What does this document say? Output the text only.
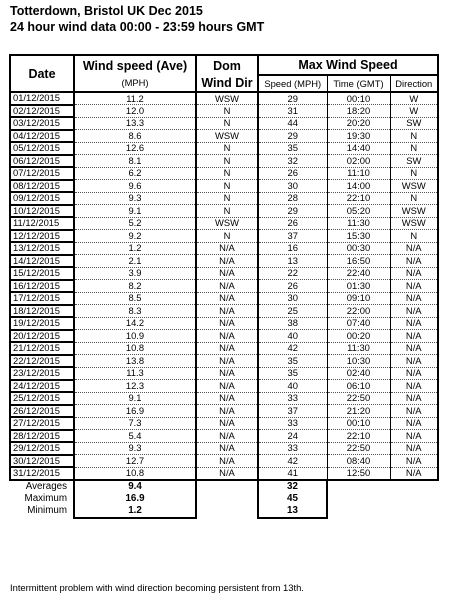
Totterdown, Bristol UK Dec 2015
24 hour wind data 00:00 - 23:59 hours GMT
Date	Wind speed (Ave)	Dom	Max Wind Speed		
	(MPH)	Wind Dir	Speed (MPH)	Time (GMT)	Direction
01/12/2015	11.2	WSW	29	00:10	W
02/12/2015	12.0	N	31	18:20	W
03/12/2015	13.3	N	44	20:20	SW
04/12/2015	8.6	WSW	29	19:30	N
05/12/2015	12.6	N	35	14:40	N
06/12/2015	8.1	N	32	02:00	SW
07/12/2015	6.2	N	26	11:10	N
08/12/2015	9.6	N	30	14:00	WSW
09/12/2015	9.3	N	28	22:10	N
10/12/2015	9.1	N	29	05:20	WSW
11/12/2015	5.2	WSW	26	11:30	WSW
12/12/2015	9.2	N	37	15:30	N
13/12/2015	1.2	N/A	16	00:30	N/A
14/12/2015	2.1	N/A	13	16:50	N/A
15/12/2015	3.9	N/A	22	22:40	N/A
16/12/2015	8.2	N/A	26	01:30	N/A
17/12/2015	8.5	N/A	30	09:10	N/A
18/12/2015	8.3	N/A	25	22:00	N/A
19/12/2015	14.2	N/A	38	07:40	N/A
20/12/2015	10.9	N/A	40	00:20	N/A
21/12/2015	10.8	N/A	42	11:30	N/A
22/12/2015	13.8	N/A	35	10:30	N/A
23/12/2015	11.3	N/A	35	02:40	N/A
24/12/2015	12.3	N/A	40	06:10	N/A
25/12/2015	9.1	N/A	33	22:50	N/A
26/12/2015	16.9	N/A	37	21:20	N/A
27/12/2015	7.3	N/A	33	00:10	N/A
28/12/2015	5.4	N/A	24	22:10	N/A
29/12/2015	9.3	N/A	33	22:50	N/A
30/12/2015	12.7	N/A	42	08:40	N/A
31/12/2015	10.8	N/A	41	12:50	N/A
Averages	9.4		32		
Maximum	16.9		45		
Minimum	1.2		13		
Intermittent problem with wind direction becoming persistent from 13th.
